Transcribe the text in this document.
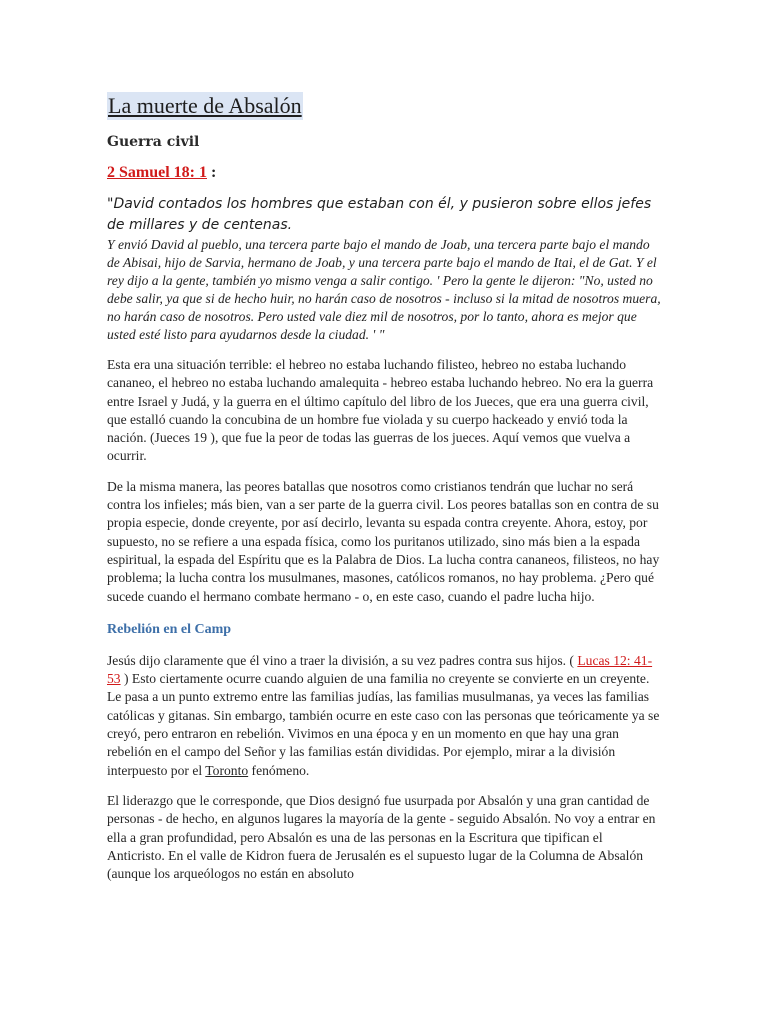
La muerte de Absalón
Guerra civil
2 Samuel 18: 1 :
"David contados los hombres que estaban con él, y pusieron sobre ellos jefes de millares y de centenas.
Y envió David al pueblo, una tercera parte bajo el mando de Joab, una tercera parte bajo el mando de Abisai, hijo de Sarvia, hermano de Joab, y una tercera parte bajo el mando de Itai, el de Gat. Y el rey dijo a la gente, también yo mismo venga a salir contigo. ' Pero la gente le dijeron: "No, usted no debe salir, ya que si de hecho huir, no harán caso de nosotros - incluso si la mitad de nosotros muera, no harán caso de nosotros. Pero usted vale diez mil de nosotros, por lo tanto, ahora es mejor que usted esté listo para ayudarnos desde la ciudad. ' "

Esta era una situación terrible: el hebreo no estaba luchando filisteo, hebreo no estaba luchando cananeo, el hebreo no estaba luchando amalequita - hebreo estaba luchando hebreo. No era la guerra entre Israel y Judá, y la guerra en el último capítulo del libro de los Jueces, que era una guerra civil, que estalló cuando la concubina de un hombre fue violada y su cuerpo hackeado y envió toda la nación. (Jueces 19 ), que fue la peor de todas las guerras de los jueces. Aquí vemos que vuelva a ocurrir.

De la misma manera, las peores batallas que nosotros como cristianos tendrán que luchar no será contra los infieles; más bien, van a ser parte de la guerra civil. Los peores batallas son en contra de su propia especie, donde creyente, por así decirlo, levanta su espada contra creyente. Ahora, estoy, por supuesto, no se refiere a una espada física, como los puritanos utilizado, sino más bien a la espada espiritual, la espada del Espíritu que es la Palabra de Dios. La lucha contra cananeos, filisteos, no hay problema; la lucha contra los musulmanes, masones, católicos romanos, no hay problema. ¿Pero qué sucede cuando el hermano combate hermano - o, en este caso, cuando el padre lucha hijo.

Rebelión en el Camp

Jesús dijo claramente que él vino a traer la división, a su vez padres contra sus hijos. ( Lucas 12: 41-53 ) Esto ciertamente ocurre cuando alguien de una familia no creyente se convierte en un creyente. Le pasa a un punto extremo entre las familias judías, las familias musulmanas, ya veces las familias católicas y gitanas. Sin embargo, también ocurre en este caso con las personas que teóricamente ya se creyó, pero entraron en rebelión. Vivimos en una época y en un momento en que hay una gran rebelión en el campo del Señor y las familias están divididas. Por ejemplo, mirar a la división interpuesto por el Toronto fenómeno.

El liderazgo que le corresponde, que Dios designó fue usurpada por Absalón y una gran cantidad de personas - de hecho, en algunos lugares la mayoría de la gente - seguido Absalón. No voy a entrar en ella a gran profundidad, pero Absalón es una de las personas en la Escritura que tipifican el Anticristo. En el valle de Kidron fuera de Jerusalén es el supuesto lugar de la Columna de Absalón (aunque los arqueólogos no están en absoluto
